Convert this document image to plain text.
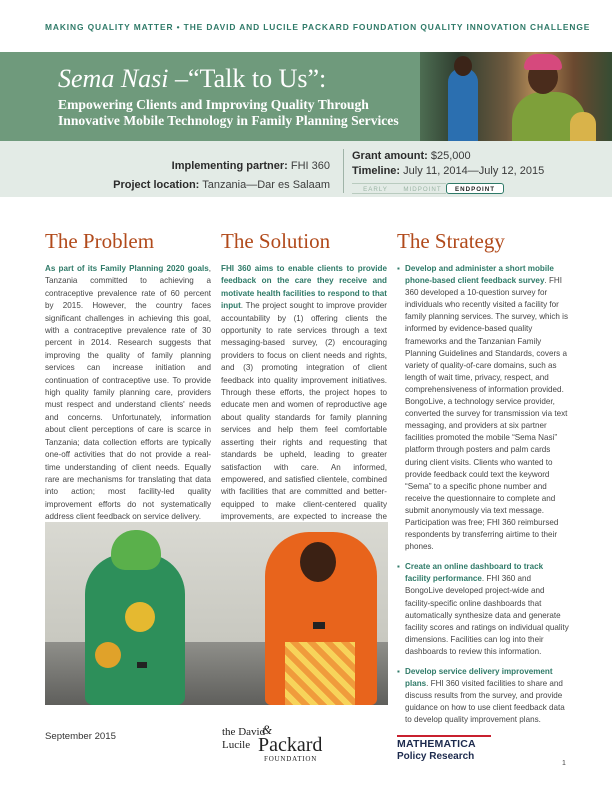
MAKING QUALITY MATTER • THE DAVID AND LUCILE PACKARD FOUNDATION QUALITY INNOVATION CHALLENGE
Sema Nasi –“Talk to Us”:
Empowering Clients and Improving Quality Through Innovative Mobile Technology in Family Planning Services
Implementing partner: FHI 360
Project location: Tanzania—Dar es Salaam
Grant amount: $25,000
Timeline: July 11, 2014—July 12, 2015
EARLY	MIDPOINT	ENDPOINT
The Problem
As part of its Family Planning 2020 goals, Tanzania committed to achieving a contraceptive prevalence rate of 60 percent by 2015. However, the country faces significant challenges in achieving this goal, with a contraceptive prevalence rate of 30 percent in 2014. Research suggests that improving the quality of family planning services can increase initiation and continuation of contraceptive use. To provide high quality family planning care, providers must respect and understand clients' needs and concerns. Unfortunately, information about client perceptions of care is scarce in Tanzania; data collection efforts are typically one-off activities that do not provide a real-time understanding of client needs. Equally rare are mechanisms for translating that data into action; most facility-led quality improvement efforts do not systematically address client feedback on service delivery.
The Solution
FHI 360 aims to enable clients to provide feedback on the care they receive and motivate health facilities to respond to that input. The project sought to improve provider accountability by (1) offering clients the opportunity to rate services through a text messaging-based survey, (2) encouraging providers to focus on client needs and rights, and (3) promoting integration of client feedback into quality improvement initiatives. Through these efforts, the project hopes to educate men and women of reproductive age about quality standards for family planning services and help them feel comfortable asserting their rights and requesting that standards be upheld, leading to greater satisfaction with care. An informed, empowered, and satisfied clientele, combined with facilities that are committed and better-equipped to make client-centered quality improvements, are expected to increase the
The Strategy
▪ Develop and administer a short mobile phone-based client feedback survey. FHI 360 developed a 10-question survey for individuals who recently visited a facility for family planning services. The survey, which is informed by evidence-based quality frameworks and the Tanzanian Family Planning Guidelines and Standards, covers a variety of quality-of-care domains, such as length of wait time, privacy, respect, and comprehensiveness of information provided. BongoLive, a technology service provider, converted the survey for transmission via text messaging, and providers at six partner facilities promoted the mobile “Sema Nasi” platform through posters and palm cards during client visits. Clients who wanted to provide feedback could text the keyword “Sema” to a specific phone number and receive the questionnaire to complete and submit anonymously via text message. Participation was free; FHI 360 reimbursed respondents by transferring airtime to their phones.
▪ Create an online dashboard to track facility performance. FHI 360 and BongoLive developed project-wide and facility-specific online dashboards that automatically synthesize data and generate facility scores and ratings on individual quality dimensions. Facilities can log into their dashboards to review this information.
▪ Develop service delivery improvement plans. FHI 360 visited facilities to share and discuss results from the survey, and provide guidance on how to use client feedback data to develop quality improvement plans.
September 2015	the David
Lucile
&
Packard
FOUNDATION
MATHEMATICA
Policy Research
1
